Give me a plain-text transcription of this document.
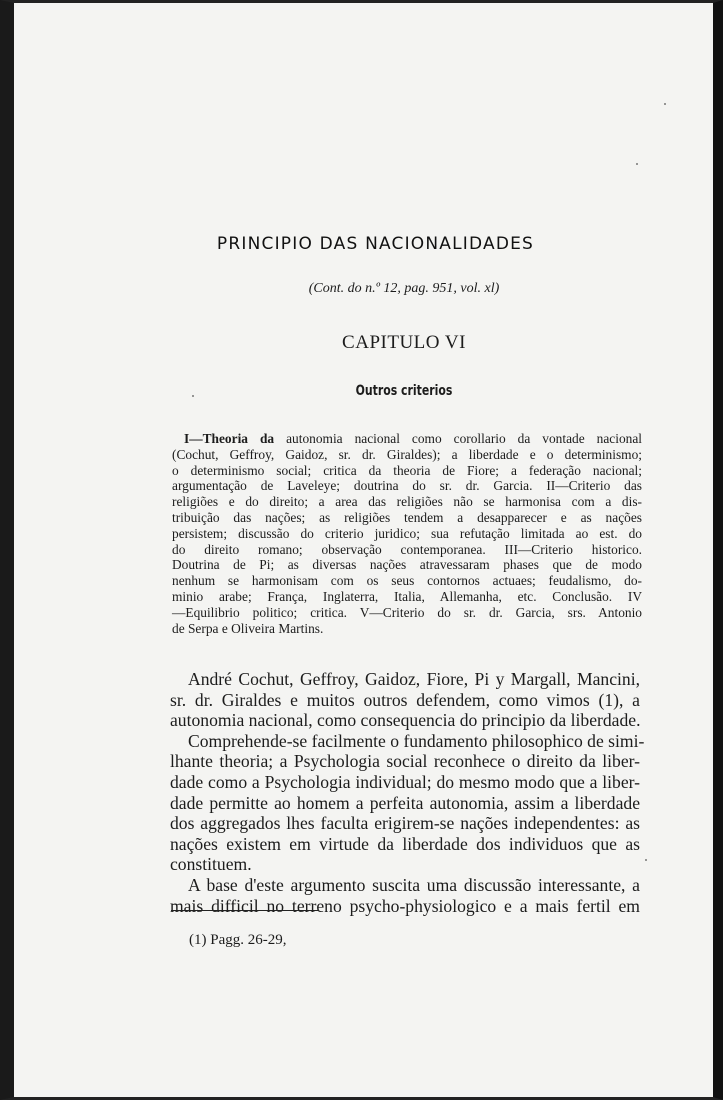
PRINCIPIO DAS NACIONALIDADES
(Cont. do n.º 12, pag. 951, vol. xl)
CAPITULO VI
Outros criterios
I—Theoria da autonomia nacional como corollario da vontade nacional
(Cochut, Geffroy, Gaidoz, sr. dr. Giraldes); a liberdade e o determinismo;
o determinismo social; critica da theoria de Fiore; a federação nacional;
argumentação de Laveleye; doutrina do sr. dr. Garcia. II—Criterio das
religiões e do direito; a area das religiões não se harmonisa com a dis-
tribuição das nações; as religiões tendem a desapparecer e as nações
persistem; discussão do criterio juridico; sua refutação limitada ao est. do
do direito romano; observação contemporanea. III—Criterio historico.
Doutrina de Pi; as diversas nações atravessaram phases que de modo
nenhum se harmonisam com os seus contornos actuaes; feudalismo, do-
minio arabe; França, Inglaterra, Italia, Allemanha, etc. Conclusão. IV
—Equilibrio politico; critica. V—Criterio do sr. dr. Garcia, srs. Antonio
de Serpa e Oliveira Martins.
André Cochut, Geffroy, Gaidoz, Fiore, Pi y Margall, Mancini,
sr. dr. Giraldes e muitos outros defendem, como vimos (1), a
autonomia nacional, como consequencia do principio da liberdade.
Comprehende-se facilmente o fundamento philosophico de simi-
lhante theoria; a Psychologia social reconhece o direito da liber-
dade como a Psychologia individual; do mesmo modo que a liber-
dade permitte ao homem a perfeita autonomia, assim a liberdade
dos aggregados lhes faculta erigirem-se nações independentes: as
nações existem em virtude da liberdade dos individuos que as
constituem.
A base d'este argumento suscita uma discussão interessante, a
mais difficil no terreno psycho-physiologico e a mais fertil em
(1) Pagg. 26-29,
